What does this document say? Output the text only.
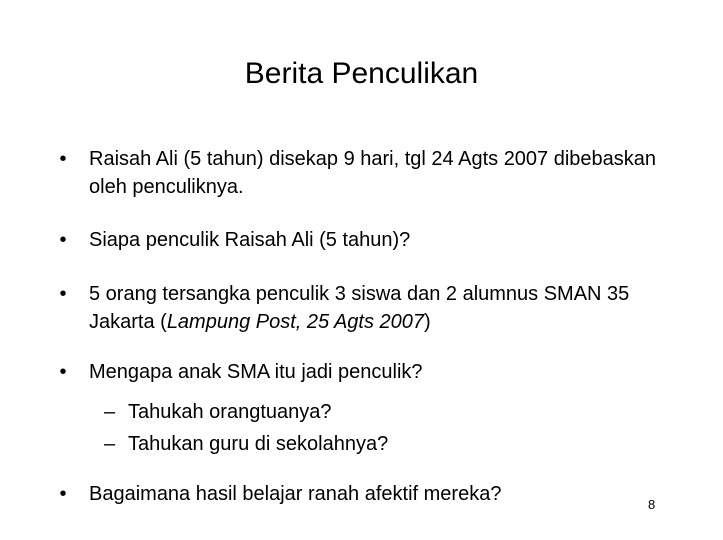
Berita Penculikan
• Raisah Ali (5 tahun) disekap 9 hari, tgl 24 Agts 2007 dibebaskan oleh penculiknya.
• Siapa penculik Raisah Ali (5 tahun)?
• 5 orang tersangka penculik 3 siswa dan 2 alumnus SMAN 35 Jakarta (Lampung Post, 25 Agts 2007)
• Mengapa anak SMA itu jadi penculik?
– Tahukah orangtuanya?
– Tahukan guru di sekolahnya?
• Bagaimana hasil belajar ranah afektif mereka?	8
